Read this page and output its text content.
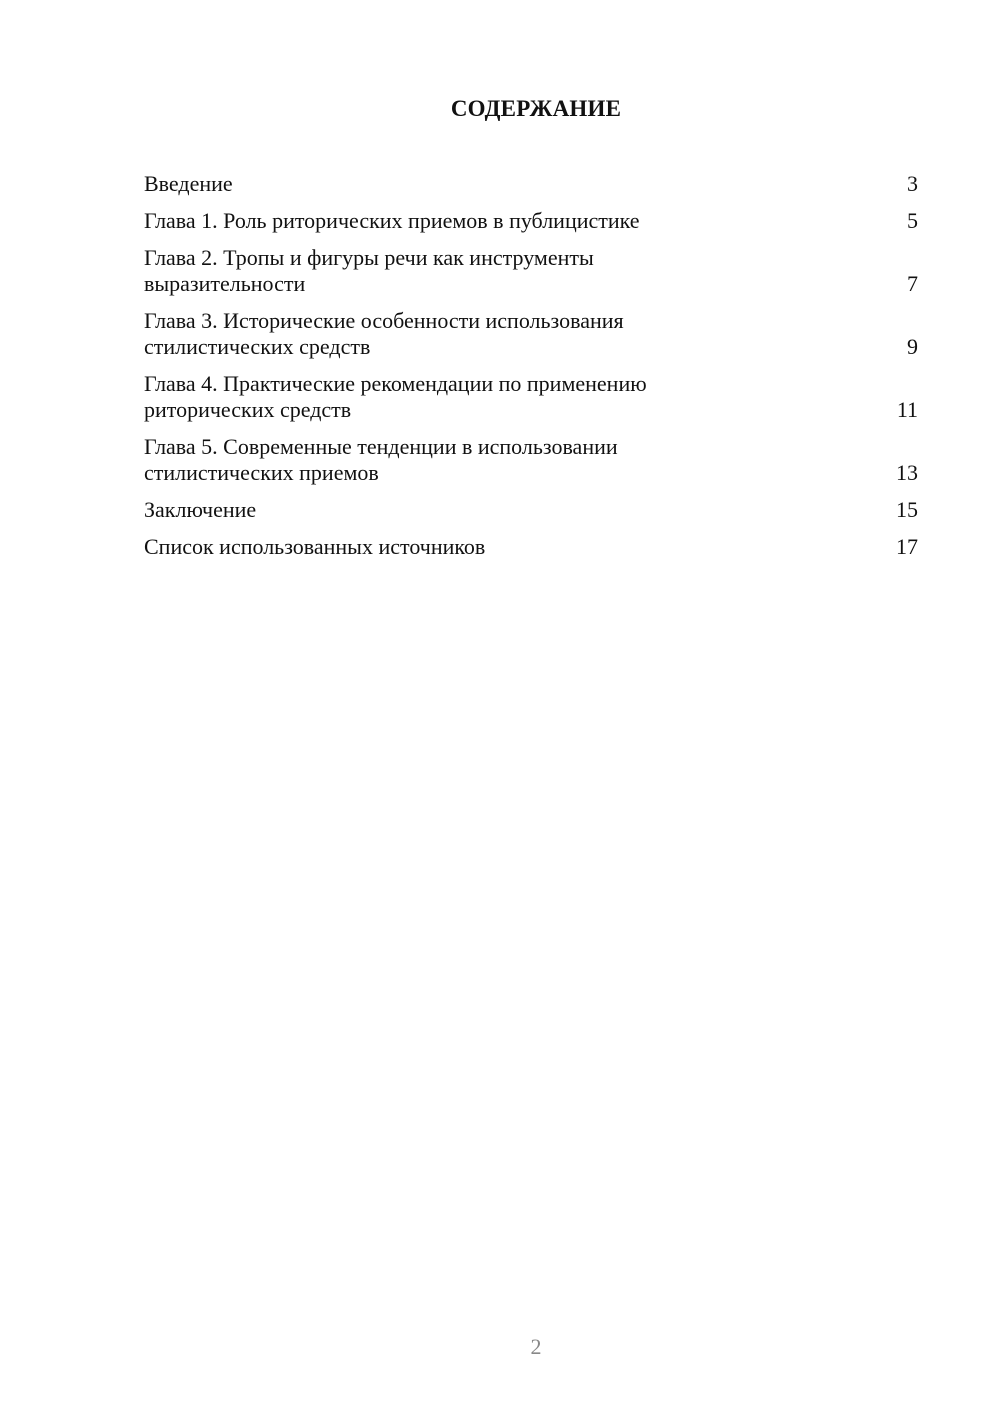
СОДЕРЖАНИЕ
Введение	3
Глава 1. Роль риторических приемов в публицистике	5
Глава 2. Тропы и фигуры речи как инструменты выразительности	7
Глава 3. Исторические особенности использования стилистических средств	9
Глава 4. Практические рекомендации по применению риторических средств	11
Глава 5. Современные тенденции в использовании стилистических приемов	13
Заключение	15
Список использованных источников	17
2
